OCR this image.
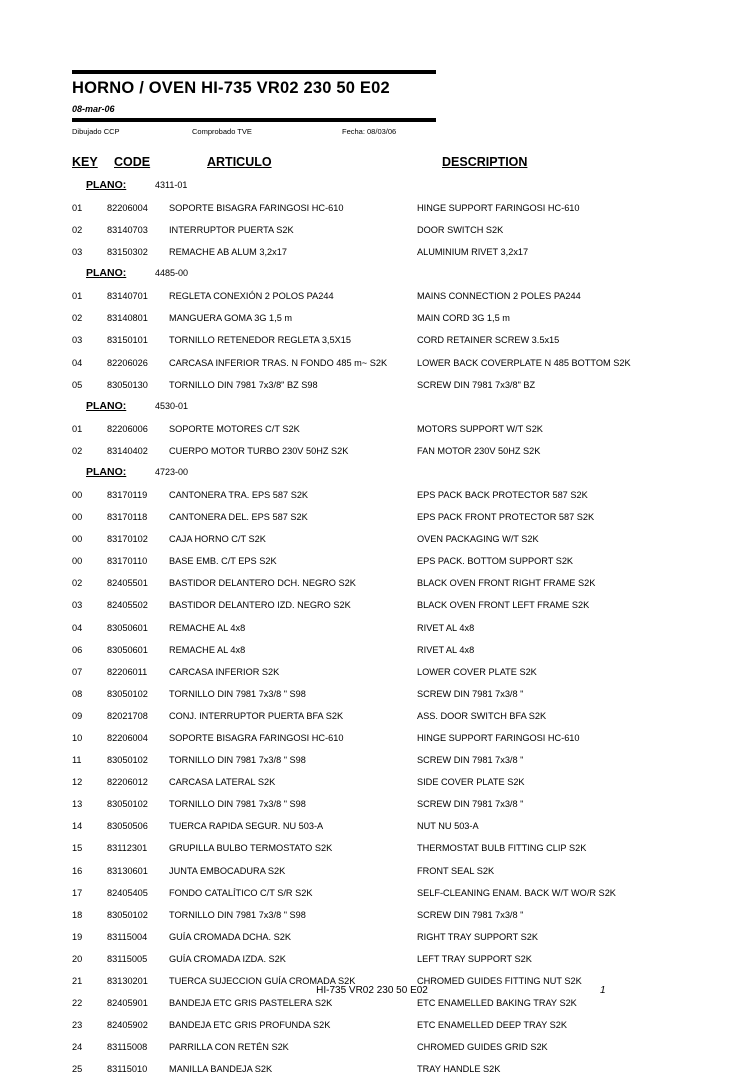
HORNO / OVEN HI-735 VR02 230 50 E02
08-mar-06
Dibujado CCP	Comprobado TVE	Fecha: 08/03/06
KEY CODE	ARTICULO	DESCRIPTION
PLANO:	4311-01
01	82206004 SOPORTE BISAGRA FARINGOSI HC-610	HINGE SUPPORT FARINGOSI HC-610
02	83140703 INTERRUPTOR PUERTA S2K	DOOR SWITCH S2K
03	83150302 REMACHE AB ALUM 3,2x17	ALUMINIUM RIVET 3,2x17
PLANO:	4485-00
01	83140701 REGLETA CONEXIÓN 2 POLOS PA244	MAINS CONNECTION 2 POLES PA244
02	83140801 MANGUERA GOMA 3G 1,5 m	MAIN CORD 3G 1,5 m
03	83150101 TORNILLO RETENEDOR REGLETA 3,5X15	CORD RETAINER SCREW 3.5x15
04	82206026 CARCASA INFERIOR TRAS. N FONDO 485 m~ S2K	LOWER BACK COVERPLATE N 485 BOTTOM S2K
05	83050130 TORNILLO DIN 7981 7x3/8" BZ S98	SCREW DIN 7981 7x3/8" BZ
PLANO:	4530-01
01	82206006 SOPORTE MOTORES C/T S2K	MOTORS SUPPORT W/T S2K
02	83140402 CUERPO MOTOR TURBO 230V 50HZ S2K	FAN MOTOR 230V 50HZ S2K
PLANO:	4723-00
00	83170119 CANTONERA TRA. EPS 587 S2K	EPS PACK BACK PROTECTOR 587 S2K
00	83170118 CANTONERA DEL. EPS 587 S2K	EPS PACK FRONT PROTECTOR 587 S2K
00	83170102 CAJA HORNO C/T S2K	OVEN PACKAGING W/T S2K
00	83170110 BASE EMB. C/T EPS S2K	EPS PACK. BOTTOM SUPPORT S2K
02	82405501 BASTIDOR DELANTERO DCH. NEGRO S2K	BLACK OVEN FRONT RIGHT FRAME S2K
03	82405502 BASTIDOR DELANTERO IZD. NEGRO S2K	BLACK OVEN FRONT LEFT FRAME S2K
04	83050601 REMACHE AL 4x8	RIVET AL 4x8
06	83050601 REMACHE AL 4x8	RIVET AL 4x8
07	82206011 CARCASA INFERIOR S2K	LOWER COVER PLATE S2K
08	83050102 TORNILLO DIN 7981 7x3/8 " S98	SCREW DIN 7981 7x3/8 "
09	82021708 CONJ. INTERRUPTOR PUERTA BFA S2K	ASS. DOOR SWITCH BFA S2K
10	82206004 SOPORTE BISAGRA FARINGOSI HC-610	HINGE SUPPORT FARINGOSI HC-610
11	83050102 TORNILLO DIN 7981 7x3/8 " S98	SCREW DIN 7981 7x3/8 "
12	82206012 CARCASA LATERAL S2K	SIDE COVER PLATE S2K
13	83050102 TORNILLO DIN 7981 7x3/8 " S98	SCREW DIN 7981 7x3/8 "
14	83050506 TUERCA RAPIDA SEGUR. NU 503-A	NUT NU 503-A
15	83112301 GRUPILLA BULBO TERMOSTATO S2K	THERMOSTAT BULB FITTING CLIP S2K
16	83130601 JUNTA EMBOCADURA S2K	FRONT SEAL S2K
17	82405405 FONDO CATALÍTICO C/T S/R S2K	SELF-CLEANING ENAM. BACK W/T WO/R S2K
18	83050102 TORNILLO DIN 7981 7x3/8 " S98	SCREW DIN 7981 7x3/8 "
19	83115004 GUÍA CROMADA DCHA. S2K	RIGHT TRAY SUPPORT S2K
20	83115005 GUÍA CROMADA IZDA. S2K	LEFT TRAY SUPPORT S2K
21	83130201 TUERCA SUJECCION GUÍA CROMADA S2K	CHROMED GUIDES FITTING NUT S2K
22	82405901 BANDEJA ETC GRIS PASTELERA S2K	ETC ENAMELLED BAKING TRAY S2K
23	82405902 BANDEJA ETC GRIS PROFUNDA S2K	ETC ENAMELLED DEEP TRAY S2K
24	83115008 PARRILLA CON RETÉN S2K	CHROMED GUIDES GRID S2K
25	83115010 MANILLA BANDEJA S2K	TRAY HANDLE S2K
HI-735 VR02 230 50 E02	1
